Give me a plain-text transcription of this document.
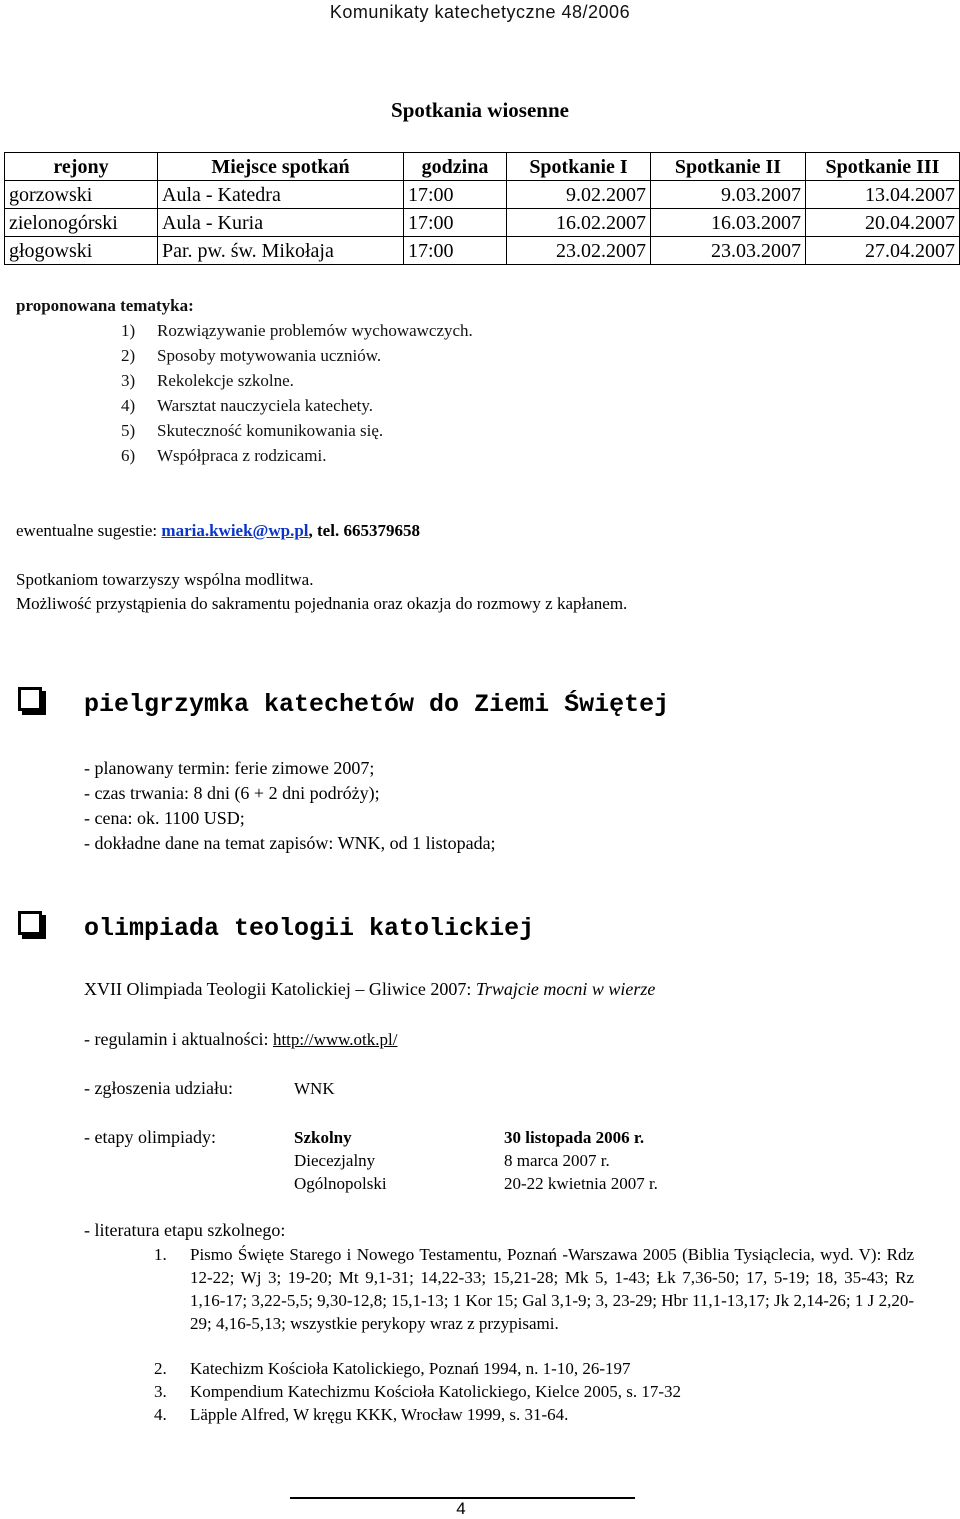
Komunikaty katechetyczne 48/2006
Spotkania wiosenne
rejony	Miejsce spotkań	godzina	Spotkanie I	Spotkanie II	Spotkanie III
gorzowski	Aula - Katedra	17:00	9.02.2007	9.03.2007	13.04.2007
zielonogórski	Aula - Kuria	17:00	16.02.2007	16.03.2007	20.04.2007
głogowski	Par. pw. św. Mikołaja	17:00	23.02.2007	23.03.2007	27.04.2007
proponowana tematyka:
1) Rozwiązywanie problemów wychowawczych.
2) Sposoby motywowania uczniów.
3) Rekolekcje szkolne.
4) Warsztat nauczyciela katechety.
5) Skuteczność komunikowania się.
6) Współpraca z rodzicami.
ewentualne sugestie: maria.kwiek@wp.pl, tel. 665379658
Spotkaniom towarzyszy wspólna modlitwa.
Możliwość przystąpienia do sakramentu pojednania oraz okazja do rozmowy z kapłanem.
pielgrzymka katechetów do Ziemi Świętej
- planowany termin: ferie zimowe 2007;
- czas trwania: 8 dni (6 + 2 dni podróży);
- cena: ok. 1100 USD;
- dokładne dane na temat zapisów: WNK, od 1 listopada;
olimpiada teologii katolickiej
XVII Olimpiada Teologii Katolickiej – Gliwice 2007: Trwajcie mocni w wierze
- regulamin i aktualności: http://www.otk.pl/
- zgłoszenia udziału:	WNK
- etapy olimpiady:	Szkolny	30 listopada 2006 r.
Diecezjalny	8 marca 2007 r.
Ogólnopolski	20-22 kwietnia 2007 r.
- literatura etapu szkolnego:
1. Pismo Święte Starego i Nowego Testamentu, Poznań -Warszawa 2005 (Biblia Tysiąclecia, wyd. V): Rdz 12-22; Wj 3; 19-20; Mt 9,1-31; 14,22-33; 15,21-28; Mk 5, 1-43; Łk 7,36-50; 17, 5-19; 18, 35-43; Rz 1,16-17; 3,22-5,5; 9,30-12,8; 15,1-13; 1 Kor 15; Gal 3,1-9; 3, 23-29; Hbr 11,1-13,17; Jk 2,14-26; 1 J 2,20-29; 4,16-5,13; wszystkie perykopy wraz z przypisami.
2. Katechizm Kościoła Katolickiego, Poznań 1994, n. 1-10, 26-197
3. Kompendium Katechizmu Kościoła Katolickiego, Kielce 2005, s. 17-32
4. Läpple Alfred, W kręgu KKK, Wrocław 1999, s. 31-64.
4
